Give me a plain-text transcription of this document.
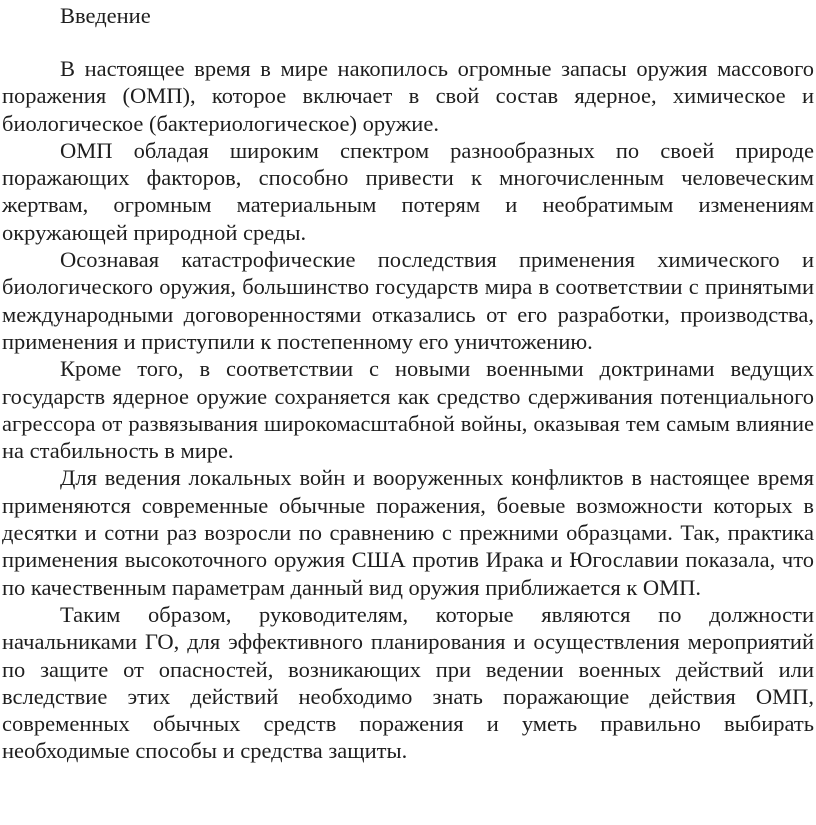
Введение

В настоящее время в мире накопилось огромные запасы оружия массового поражения (ОМП), которое включает в свой состав ядерное, химическое и биологическое (бактериологическое) оружие.

ОМП обладая широким спектром разнообразных по своей природе поражающих факторов, способно привести к многочисленным человеческим жертвам, огромным материальным потерям и необратимым изменениям окружающей природной среды.

Осознавая катастрофические последствия применения химического и биологического оружия, большинство государств мира в соответствии с принятыми международными договоренностями отказались от его разработки, производства, применения и приступили к постепенному его уничтожению.

Кроме того, в соответствии с новыми военными доктринами ведущих государств ядерное оружие сохраняется как средство сдерживания потенциального агрессора от развязывания широкомасштабной войны, оказывая тем самым влияние на стабильность в мире.

Для ведения локальных войн и вооруженных конфликтов в настоящее время применяются современные обычные поражения, боевые возможности которых в десятки и сотни раз возросли по сравнению с прежними образцами. Так, практика применения высокоточного оружия США против Ирака и Югославии показала, что по качественным параметрам данный вид оружия приближается к ОМП.

Таким образом, руководителям, которые являются по должности начальниками ГО, для эффективного планирования и осуществления мероприятий по защите от опасностей, возникающих при ведении военных действий или вследствие этих действий необходимо знать поражающие действия ОМП, современных обычных средств поражения и уметь правильно выбирать необходимые способы и средства защиты.
